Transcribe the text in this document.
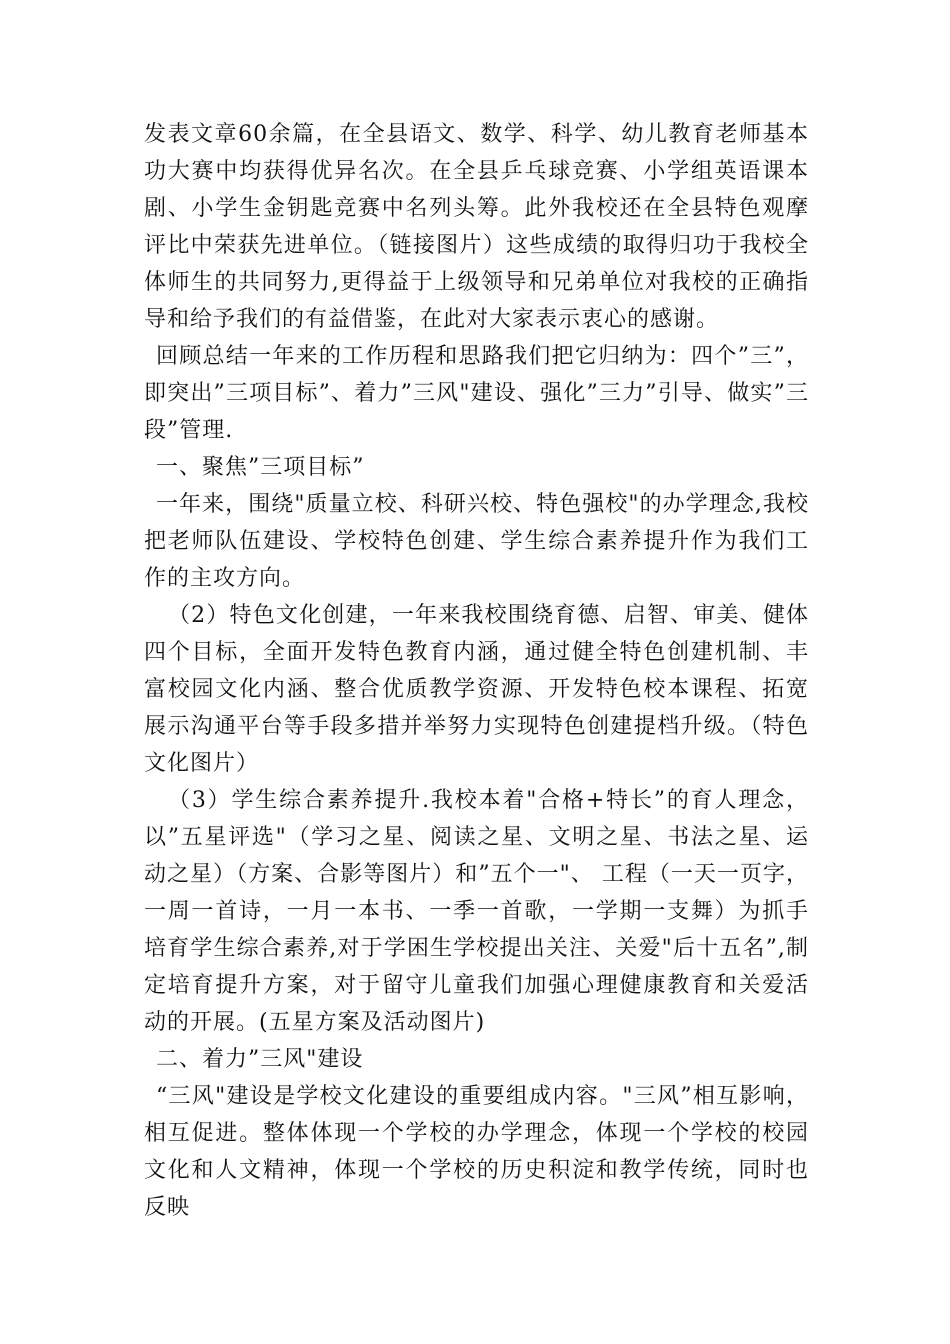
发表文章60余篇，在全县语文、数学、科学、幼儿教育老师基本功大赛中均获得优异名次。在全县乒乓球竞赛、小学组英语课本剧、小学生金钥匙竞赛中名列头筹。此外我校还在全县特色观摩评比中荣获先进单位。（链接图片）这些成绩的取得归功于我校全体师生的共同努力,更得益于上级领导和兄弟单位对我校的正确指导和给予我们的有益借鉴，在此对大家表示衷心的感谢。

回顾总结一年来的工作历程和思路我们把它归纳为：四个”三”，即突出”三项目标”、着力”三风"建设、强化”三力”引导、做实”三段”管理.

一、聚焦”三项目标”

一年来，围绕"质量立校、科研兴校、特色强校"的办学理念,我校把老师队伍建设、学校特色创建、学生综合素养提升作为我们工作的主攻方向。

（2）特色文化创建，一年来我校围绕育德、启智、审美、健体四个目标，全面开发特色教育内涵，通过健全特色创建机制、丰富校园文化内涵、整合优质教学资源、开发特色校本课程、拓宽展示沟通平台等手段多措并举努力实现特色创建提档升级。（特色文化图片）

（3）学生综合素养提升.我校本着"合格+特长”的育人理念，以”五星评选"（学习之星、阅读之星、文明之星、书法之星、运动之星）（方案、合影等图片）和”五个一"、 工程（一天一页字，一周一首诗，一月一本书、一季一首歌，一学期一支舞）为抓手培育学生综合素养,对于学困生学校提出关注、关爱"后十五名”,制定培育提升方案，对于留守儿童我们加强心理健康教育和关爱活动的开展。(五星方案及活动图片)

二、着力”三风"建设

“三风"建设是学校文化建设的重要组成内容。"三风”相互影响，相互促进。整体体现一个学校的办学理念，体现一个学校的校园文化和人文精神，体现一个学校的历史积淀和教学传统，同时也反映
